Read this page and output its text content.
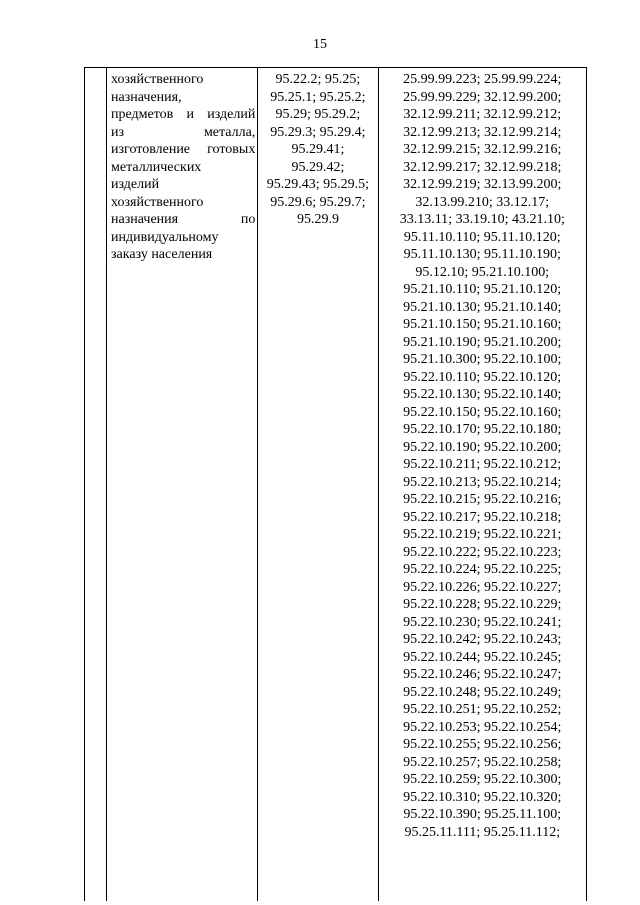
15

хозяйственного
назначения,
предметов и изделий
из	металла,
изготовление готовых
металлических
изделий
хозяйственного
назначения	по
индивидуальному
заказу населения

95.22.2; 95.25;
95.25.1; 95.25.2;
95.29; 95.29.2;
95.29.3; 95.29.4;
95.29.41;
95.29.42;
95.29.43; 95.29.5;
95.29.6; 95.29.7;
95.29.9

25.99.99.223; 25.99.99.224;
25.99.99.229; 32.12.99.200;
32.12.99.211; 32.12.99.212;
32.12.99.213; 32.12.99.214;
32.12.99.215; 32.12.99.216;
32.12.99.217; 32.12.99.218;
32.12.99.219; 32.13.99.200;
32.13.99.210; 33.12.17;
33.13.11; 33.19.10; 43.21.10;
95.11.10.110; 95.11.10.120;
95.11.10.130; 95.11.10.190;
95.12.10; 95.21.10.100;
95.21.10.110; 95.21.10.120;
95.21.10.130; 95.21.10.140;
95.21.10.150; 95.21.10.160;
95.21.10.190; 95.21.10.200;
95.21.10.300; 95.22.10.100;
95.22.10.110; 95.22.10.120;
95.22.10.130; 95.22.10.140;
95.22.10.150; 95.22.10.160;
95.22.10.170; 95.22.10.180;
95.22.10.190; 95.22.10.200;
95.22.10.211; 95.22.10.212;
95.22.10.213; 95.22.10.214;
95.22.10.215; 95.22.10.216;
95.22.10.217; 95.22.10.218;
95.22.10.219; 95.22.10.221;
95.22.10.222; 95.22.10.223;
95.22.10.224; 95.22.10.225;
95.22.10.226; 95.22.10.227;
95.22.10.228; 95.22.10.229;
95.22.10.230; 95.22.10.241;
95.22.10.242; 95.22.10.243;
95.22.10.244; 95.22.10.245;
95.22.10.246; 95.22.10.247;
95.22.10.248; 95.22.10.249;
95.22.10.251; 95.22.10.252;
95.22.10.253; 95.22.10.254;
95.22.10.255; 95.22.10.256;
95.22.10.257; 95.22.10.258;
95.22.10.259; 95.22.10.300;
95.22.10.310; 95.22.10.320;
95.22.10.390; 95.25.11.100;
95.25.11.111; 95.25.11.112;
